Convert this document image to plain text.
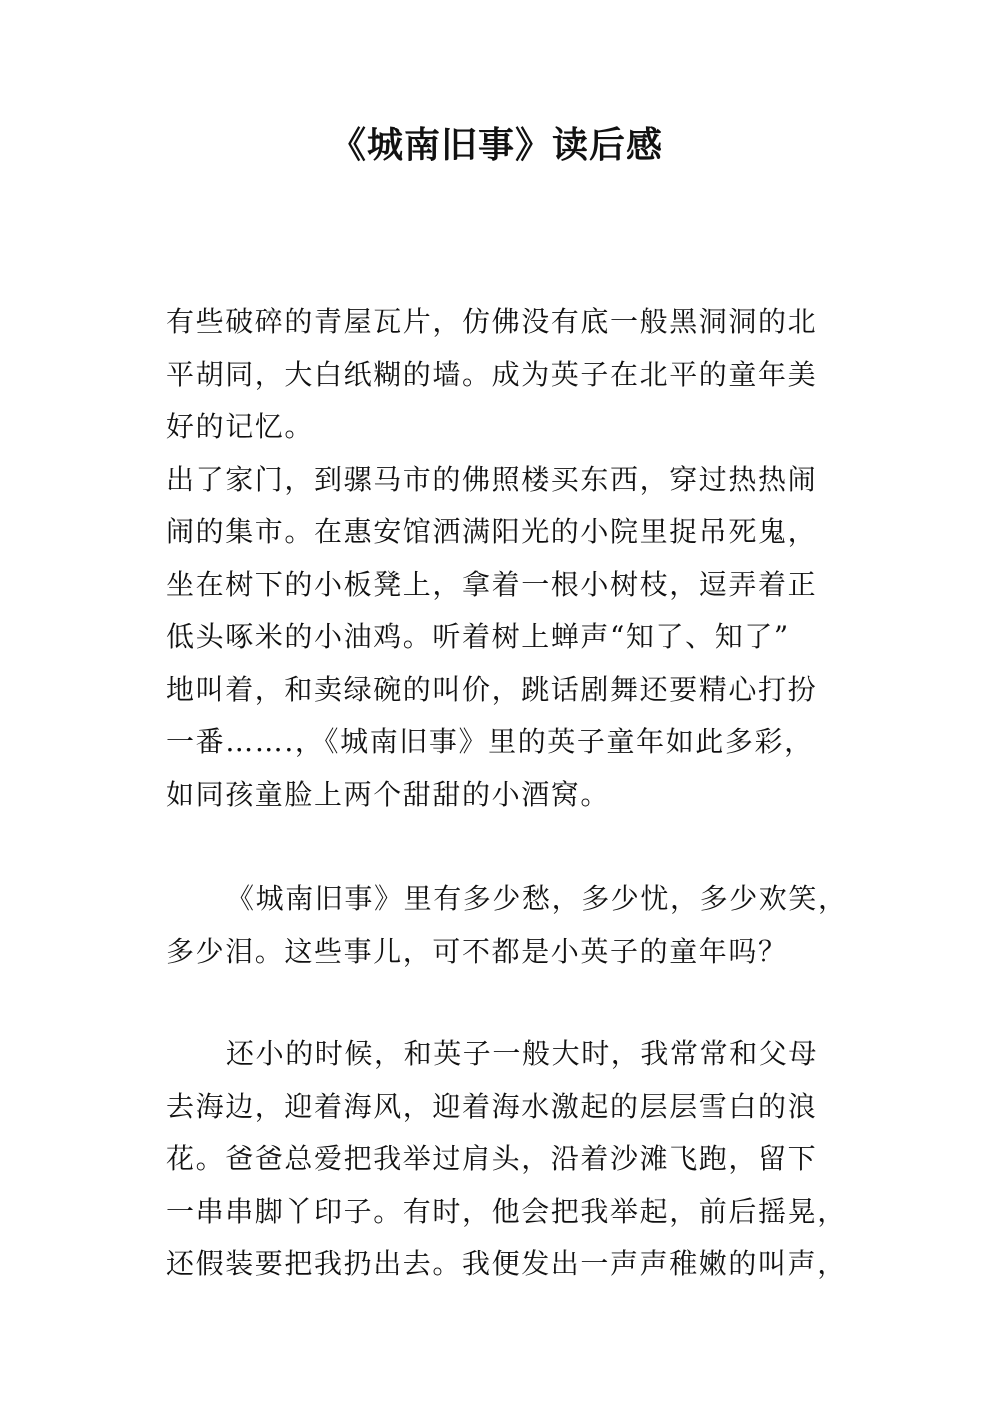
《城南旧事》读后感
有些破碎的青屋瓦片，仿佛没有底一般黑洞洞的北
平胡同，大白纸糊的墙。成为英子在北平的童年美
好的记忆。
出了家门，到骡马市的佛照楼买东西，穿过热热闹
闹的集市。在惠安馆洒满阳光的小院里捉吊死鬼，
坐在树下的小板凳上，拿着一根小树枝，逗弄着正
低头啄米的小油鸡。听着树上蝉声“知了、知了”
地叫着，和卖绿碗的叫价，跳话剧舞还要精心打扮
一番…….，《城南旧事》里的英子童年如此多彩，
如同孩童脸上两个甜甜的小酒窝。
《城南旧事》里有多少愁，多少忧，多少欢笑，
多少泪。这些事儿，可不都是小英子的童年吗？
还小的时候，和英子一般大时，我常常和父母
去海边，迎着海风，迎着海水激起的层层雪白的浪
花。爸爸总爱把我举过肩头，沿着沙滩飞跑，留下
一串串脚丫印子。有时，他会把我举起，前后摇晃，
还假装要把我扔出去。我便发出一声声稚嫩的叫声，
